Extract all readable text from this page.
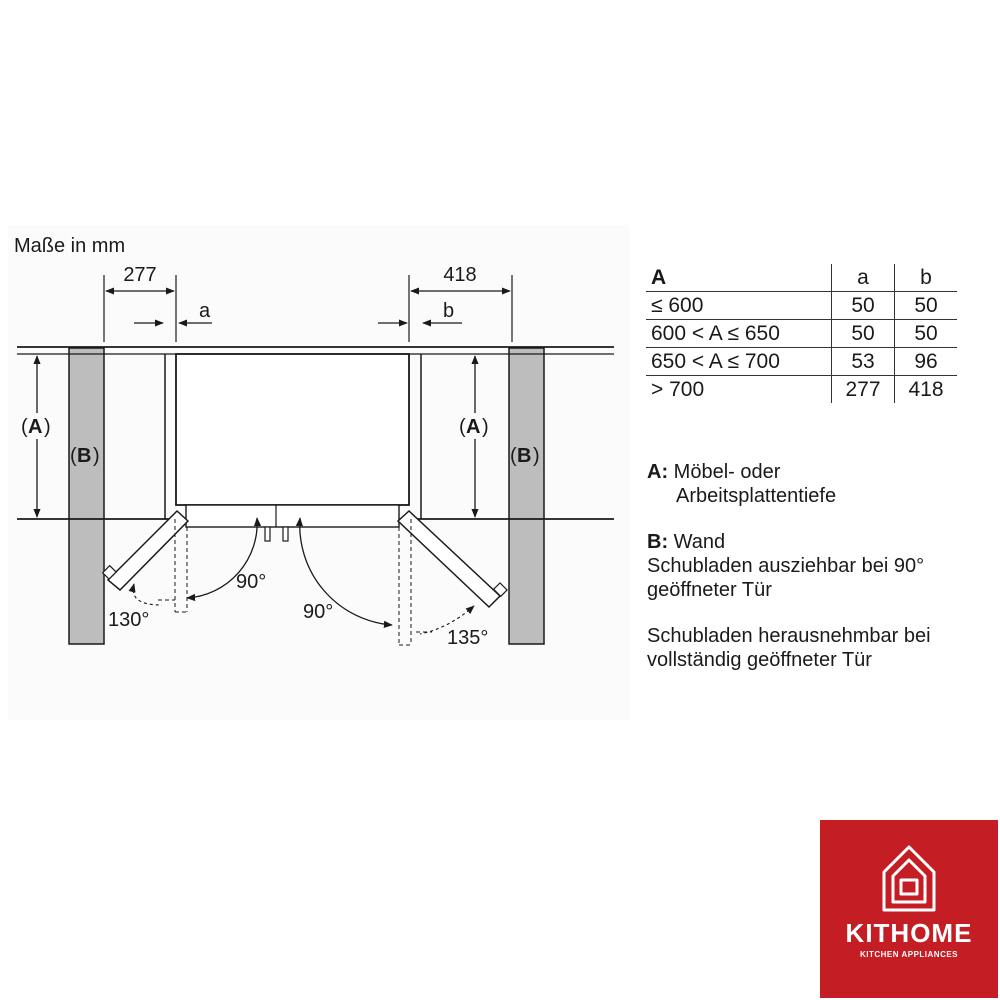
Maße in mm
277
a
418
b
( A )	( A )
( B )	( B )
90°
130°	90°
135°
A	a	b
≤ 600	50	50
600 < A ≤ 650	50	50
650 < A ≤ 700	53	96
> 700	277	418

A: Möbel- oder

Arbeitsplattentiefe

B: Wand

Schubladen ausziehbar bei 90°

geöffneter Tür

Schubladen herausnehmbar bei

vollständig geöffneter Tür

KITHOME
KITCHEN APPLIANCES
